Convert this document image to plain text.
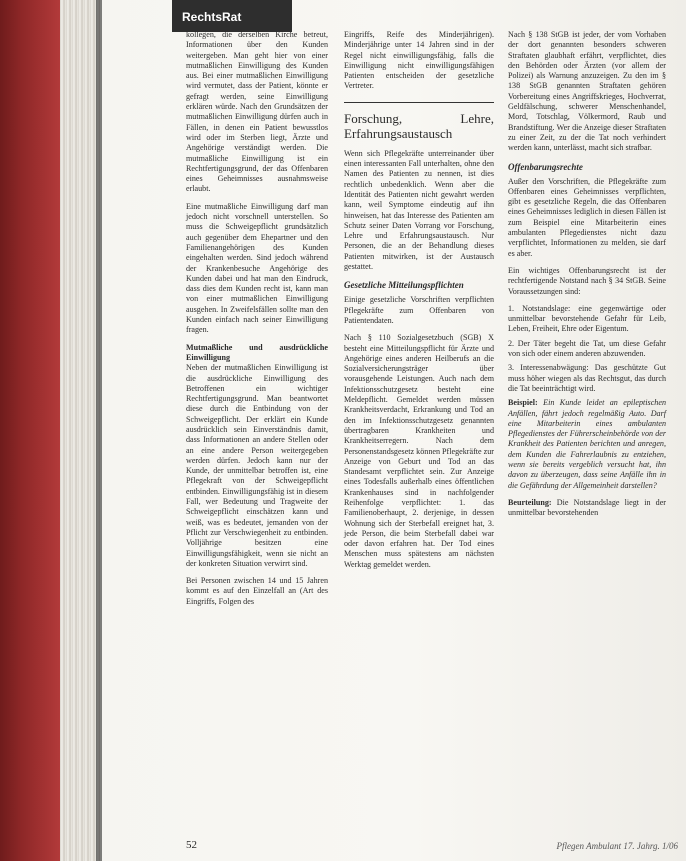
RechtsRat

kollegen, die derselben Kirche betreut, Informationen über den Kunden weitergeben. Man geht hier von einer mutmaßlichen Einwilligung des Kunden aus. Bei einer mutmaßlichen Einwilligung wird vermutet, dass der Patient, könnte er gefragt werden, seine Einwilligung erklären würde. Nach den Grundsätzen der mutmaßlichen Einwilligung dürfen auch in Fällen, in denen ein Patient bewusstlos wird oder im Sterben liegt, Ärzte und Angehörige verständigt werden. Die mutmaßliche Einwilligung ist ein Rechtfertigungsgrund, der das Offenbaren eines Geheimnisses ausnahmsweise erlaubt.

Eine mutmaßliche Einwilligung darf man jedoch nicht vorschnell unterstellen. So muss die Schweigepflicht grundsätzlich auch gegenüber dem Ehepartner und den Familienangehörigen des Kunden eingehalten werden. Sind jedoch während der Krankenbesuche Angehörige des Kunden dabei und hat man den Eindruck, dass dies dem Kunden recht ist, kann man von einer mutmaßlichen Einwilligung ausgehen. In Zweifelsfällen sollte man den Kunden einfach nach seiner Einwilligung fragen.

Mutmaßliche und ausdrückliche Einwilligung

Neben der mutmaßlichen Einwilligung ist die ausdrückliche Einwilligung des Betroffenen ein wichtiger Rechtfertigungsgrund. Man beantwortet diese durch die Entbindung von der Schweigepflicht. Der erklärt ein Kunde ausdrücklich sein Einverständnis damit, dass Informationen an andere Stellen oder an eine andere Person weitergegeben werden dürfen. Jedoch kann nur der Kunde, der unmittelbar betroffen ist, eine Pflegekraft von der Schweigepflicht entbinden. Einwilligungsfähig ist in diesem Fall, wer Bedeutung und Tragweite der Schweigepflicht einschätzen kann und weiß, was es bedeutet, jemanden von der Pflicht zur Verschwiegenheit zu entbinden. Volljährige besitzen eine Einwilligungsfähigkeit, wenn sie nicht an der konkreten Situation verwirrt sind.

Bei Personen zwischen 14 und 15 Jahren kommt es auf den Einzelfall an (Art des Eingriffs, Folgen des

Eingriffs, Reife des Minderjährigen). Minderjährige unter 14 Jahren sind in der Regel nicht einwilligungsfähig, falls die Einwilligung nicht einwilligungsfähigen Patienten entscheiden der gesetzliche Vertreter.

Forschung, Lehre, Erfahrungsaustausch

Wenn sich Pflegekräfte unterreinander über einen interessanten Fall unterhalten, ohne den Namen des Patienten zu nennen, ist dies rechtlich unbedenklich. Wenn aber die Identität des Patienten nicht gewahrt werden kann, weil Symptome eindeutig auf ihn hinweisen, hat das Interesse des Patienten am Schutz seiner Daten Vorrang vor Forschung, Lehre und Erfahrungsaustausch. Nur Personen, die an der Behandlung dieses Patienten mitwirken, ist der Austausch gestattet.

Gesetzliche Mitteilungspflichten

Einige gesetzliche Vorschriften verpflichten Pflegekräfte zum Offenbaren von Patientendaten.

Nach § 110 Sozialgesetzbuch (SGB) X besteht eine Mitteilungspflicht für Ärzte und Angehörige eines anderen Heilberufs an die Sozialversicherungsträger über vorausgehende Leistungen. Auch nach dem Infektionsschutzgesetz besteht eine Meldepflicht. Gemeldet werden müssen Krankheitsverdacht, Erkrankung und Tod an den im Infektionsschutzgesetz genannten übertragbaren Krankheiten und Krankheitserregern. Nach dem Personenstandsgesetz können Pflegekräfte zur Anzeige von Geburt und Tod an das Standesamt verpflichtet sein. Zur Anzeige eines Todesfalls außerhalb eines öffentlichen Krankenhauses sind in nachfolgender Reihenfolge verpflichtet: 1. das Familienoberhaupt, 2. derjenige, in dessen Wohnung sich der Sterbefall ereignet hat, 3. jede Person, die beim Sterbefall dabei war oder davon erfahren hat. Der Tod eines Menschen muss spätestens am nächsten Werktag gemeldet werden.

Nach § 138 StGB ist jeder, der vom Vorhaben der dort genannten besonders schweren Straftaten glaubhaft erfährt, verpflichtet, dies den Behörden oder Ärzten (vor allem der Polizei) als Warnung anzuzeigen. Zu den im § 138 StGB genannten Straftaten gehören Vorbereitung eines Angriffskrieges, Hochverrat, Geldfälschung, schwerer Menschenhandel, Mord, Totschlag, Völkermord, Raub und Brandstiftung. Wer die Anzeige dieser Straftaten zu einer Zeit, zu der die Tat noch verhindert werden kann, unterlässt, macht sich strafbar.

Offenbarungsrechte

Außer den Vorschriften, die Pflegekräfte zum Offenbaren eines Geheimnisses verpflichten, gibt es gesetzliche Regeln, die das Offenbaren eines Geheimnisses lediglich in diesen Fällen ist zum Beispiel eine Mitarbeiterin eines ambulanten Pflegedienstes nicht dazu verpflichtet, Informationen zu melden, sie darf es aber.

Ein wichtiges Offenbarungsrecht ist der rechtfertigende Notstand nach § 34 StGB. Seine Voraussetzungen sind:

1. Notstandslage: eine gegenwärtige oder unmittelbar bevorstehende Gefahr für Leib, Leben, Freiheit, Ehre oder Eigentum.

2. Der Täter begeht die Tat, um diese Gefahr von sich oder einem anderen abzuwenden.

3. Interessenabwägung: Das geschützte Gut muss höher wiegen als das Rechtsgut, das durch die Tat beeinträchtigt wird.

Beispiel: Ein Kunde leidet an epileptischen Anfällen, fährt jedoch regelmäßig Auto. Darf eine Mitarbeiterin eines ambulanten Pflegedienstes der Führerscheinbehörde von der Krankheit des Patienten berichten und anregen, dem Kunden die Fahrerlaubnis zu entziehen, wenn sie bereits vergeblich versucht hat, ihn davon zu überzeugen, dass seine Anfälle ihn in die Gefährdung der Allgemeinheit darstellen?

Beurteilung: Die Notstandslage liegt in der unmittelbar bevorstehenden

52	Pflegen Ambulant 17. Jahrg. 1/06
